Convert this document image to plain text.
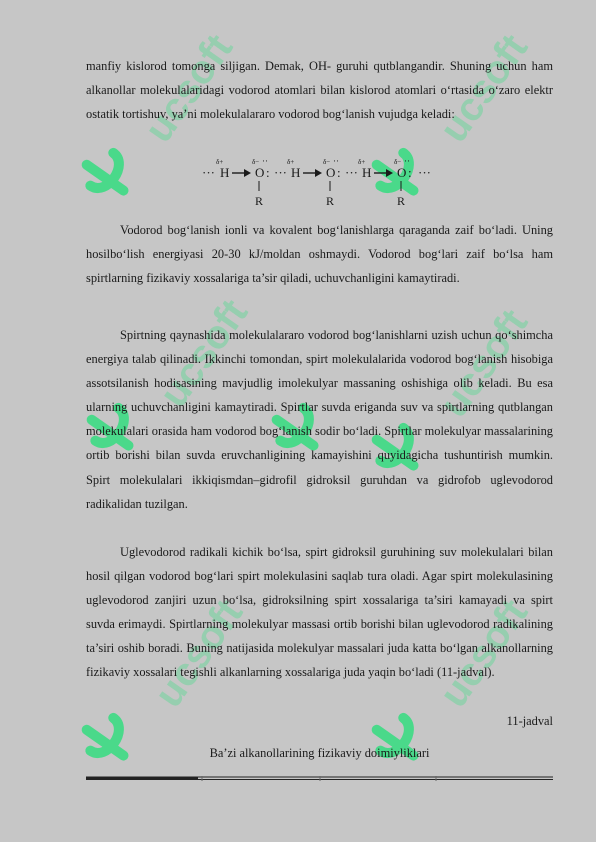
ucsoft	ucsoft
ucsoft	ucsoft
ucsoft	ucsoft

manfiy kislorod tomonga siljigan. Demak, OH- guruhi qutblangandir. Shuning uchun ham alkanollar molekulalaridagi vodorod atomlari bilan kislorod atomlari o‘rtasida o‘zaro elektr ostatik tortishuv, ya’ni molekulalararo vodorod bog‘lanish vujudga keladi:

··· H
δ+
O
δ− ··
: ···
R
H
δ+
O
δ− ··
: ···
R
H
δ+
O
δ− ··
: ···
R

Vodorod bog‘lanish ionli va kovalent bog‘lanishlarga qaraganda zaif bo‘ladi. Uning hosilbo‘lish energiyasi 20-30 kJ/moldan oshmaydi. Vodorod bog‘lari zaif bo‘lsa ham spirtlarning fizikaviy xossalariga ta’sir qiladi, uchuvchanligini kamaytiradi.

Spirtning qaynashida molekulalararo vodorod bog‘lanishlarni uzish uchun qo‘shimcha energiya talab qilinadi. Ikkinchi tomondan, spirt molekulalarida vodorod bog‘lanish hisobiga assotsilanish hodisasining mavjudlig imolekulyar massaning oshishiga olib keladi. Bu esa ularning uchuvchanligini kamaytiradi. Spirtlar suvda eriganda suv va spirtlarning qutblangan molekulalari orasida ham vodorod bog‘lanish sodir bo‘ladi. Spirtlar molekulyar massalarining ortib borishi bilan suvda eruvchanligining kamayishini quyidagicha tushuntirish mumkin. Spirt molekulalari ikkiqismdan–gidrofil gidroksil guruhdan va gidrofob uglevodorod radikalidan tuzilgan.

Uglevodorod radikali kichik bo‘lsa, spirt gidroksil guruhining suv molekulalari bilan hosil qilgan vodorod bog‘lari spirt molekulasini saqlab tura oladi. Agar spirt molekulasining uglevodorod zanjiri uzun bo‘lsa, gidroksilning spirt xossalariga ta’siri kamayadi va spirt suvda erimaydi. Spirtlarning molekulyar massasi ortib borishi bilan uglevodorod radikalining ta’siri oshib boradi. Buning natijasida molekulyar massalari juda katta bo‘lgan alkanollarning fizikaviy xossalari tegishli alkanlarning xossalariga juda yaqin bo‘ladi (11-jadval).

11-jadval
Ba’zi alkanollarining fizikaviy doimiyliklari
